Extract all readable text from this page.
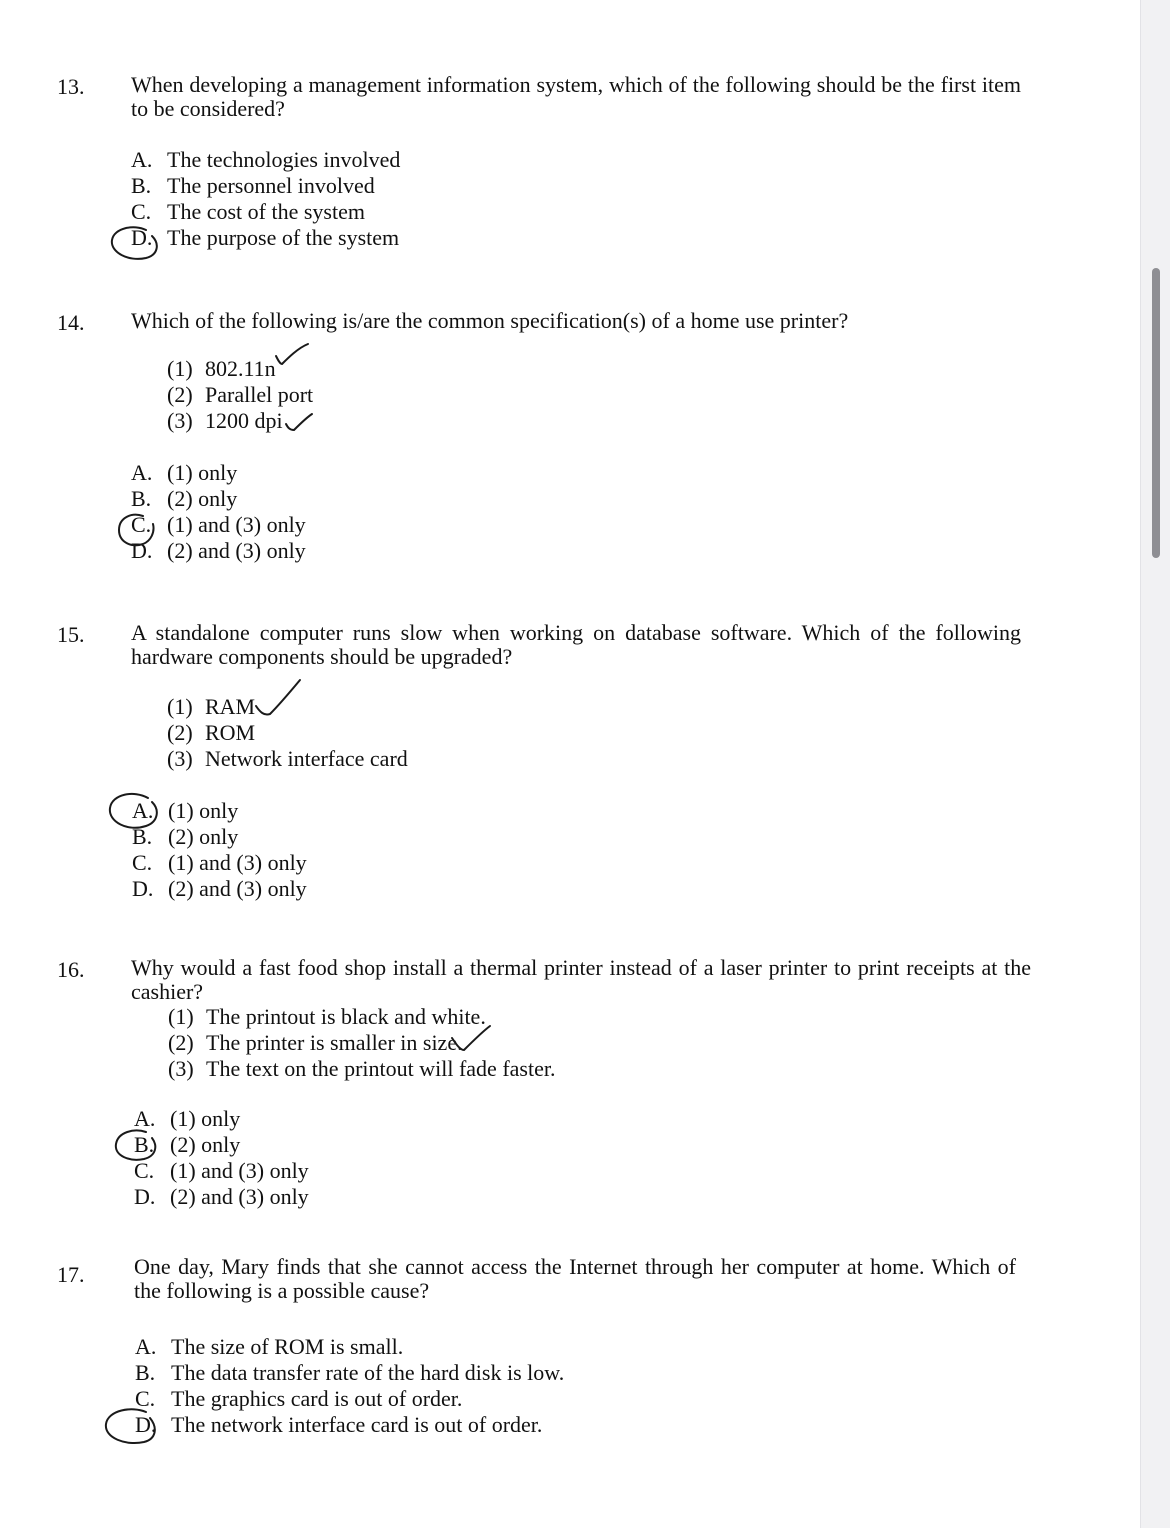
13. When developing a management information system, which of the following should be the first item to be considered?
A. The technologies involved
B. The personnel involved
C. The cost of the system
D. The purpose of the system
14. Which of the following is/are the common specification(s) of a home use printer?
(1) 802.11n
(2) Parallel port
(3) 1200 dpi
A. (1) only
B. (2) only
C. (1) and (3) only
D. (2) and (3) only
15. A standalone computer runs slow when working on database software. Which of the following hardware components should be upgraded?
(1) RAM
(2) ROM
(3) Network interface card
A. (1) only
B. (2) only
C. (1) and (3) only
D. (2) and (3) only
16. Why would a fast food shop install a thermal printer instead of a laser printer to print receipts at the cashier?
(1) The printout is black and white.
(2) The printer is smaller in size.
(3) The text on the printout will fade faster.
A. (1) only
B. (2) only
C. (1) and (3) only
D. (2) and (3) only
17. One day, Mary finds that she cannot access the Internet through her computer at home. Which of the following is a possible cause?
A. The size of ROM is small.
B. The data transfer rate of the hard disk is low.
C. The graphics card is out of order.
D. The network interface card is out of order.
